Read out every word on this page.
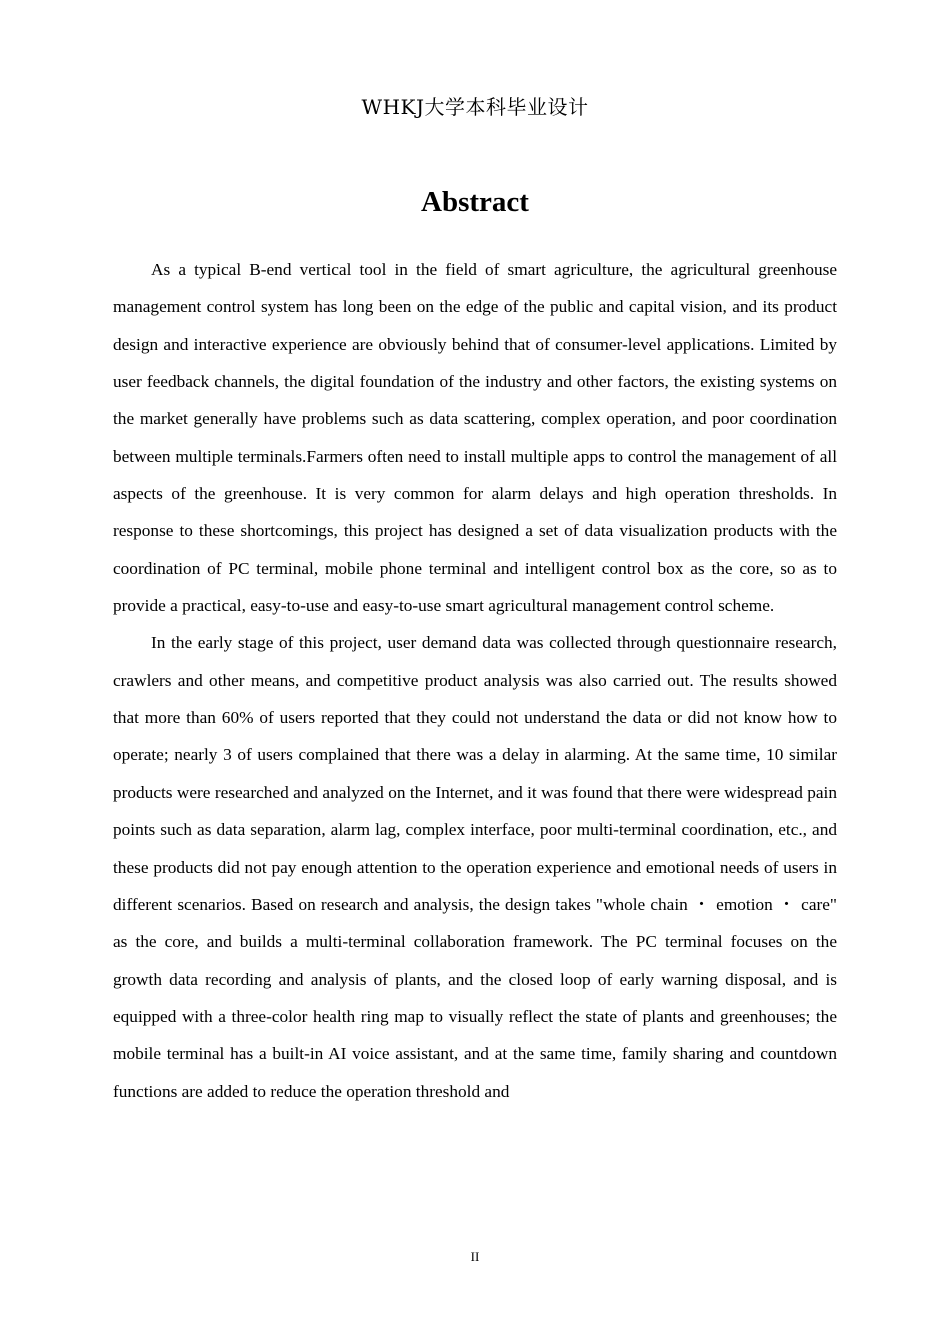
WHKJ大学本科毕业设计
Abstract

As a typical B-end vertical tool in the field of smart agriculture, the agricultural greenhouse management control system has long been on the edge of the public and capital vision, and its product design and interactive experience are obviously behind that of consumer-level applications. Limited by user feedback channels, the digital foundation of the industry and other factors, the existing systems on the market generally have problems such as data scattering, complex operation, and poor coordination between multiple terminals.Farmers often need to install multiple apps to control the management of all aspects of the greenhouse. It is very common for alarm delays and high operation thresholds. In response to these shortcomings, this project has designed a set of data visualization products with the coordination of PC terminal, mobile phone terminal and intelligent control box as the core, so as to provide a practical, easy-to-use and easy-to-use smart agricultural management control scheme.

In the early stage of this project, user demand data was collected through questionnaire research, crawlers and other means, and competitive product analysis was also carried out. The results showed that more than 60% of users reported that they could not understand the data or did not know how to operate; nearly 3 of users complained that there was a delay in alarming. At the same time, 10 similar products were researched and analyzed on the Internet, and it was found that there were widespread pain points such as data separation, alarm lag, complex interface, poor multi-terminal coordination, etc., and these products did not pay enough attention to the operation experience and emotional needs of users in different scenarios. Based on research and analysis, the design takes "whole chain ・ emotion ・ care" as the core, and builds a multi-terminal collaboration framework. The PC terminal focuses on the growth data recording and analysis of plants, and the closed loop of early warning disposal, and is equipped with a three-color health ring map to visually reflect the state of plants and greenhouses; the mobile terminal has a built-in AI voice assistant, and at the same time, family sharing and countdown functions are added to reduce the operation threshold and

II
